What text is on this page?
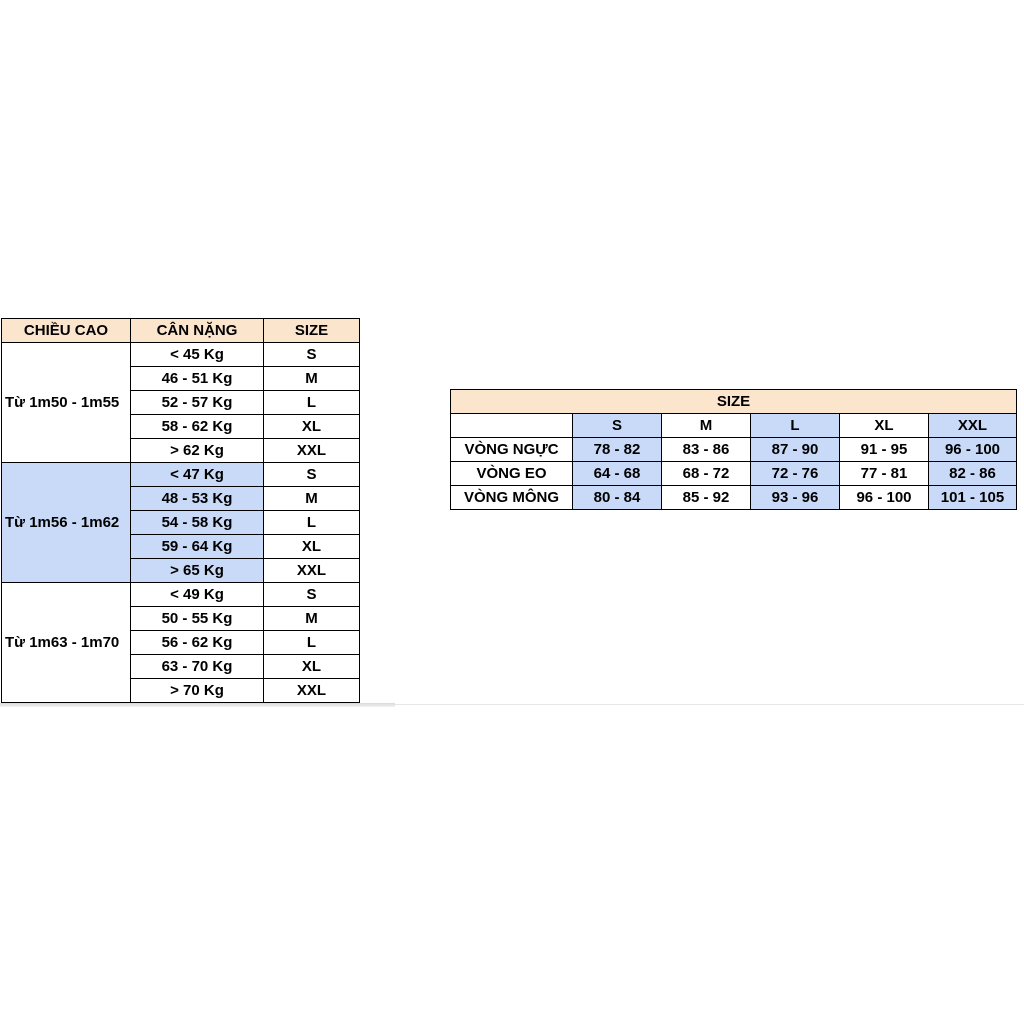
CHIỀU CAO	CÂN NẶNG	SIZE
Từ 1m50 - 1m55	< 45 Kg	S
	46 - 51 Kg	M
	52 - 57 Kg	L
	58 - 62 Kg	XL
	> 62 Kg	XXL
Từ 1m56 - 1m62	< 47 Kg	S
	48 - 53 Kg	M
	54 - 58 Kg	L
	59 - 64 Kg	XL
	> 65 Kg	XXL
Từ 1m63 - 1m70	< 49 Kg	S
	50 - 55 Kg	M
	56 - 62 Kg	L
	63 - 70 Kg	XL
	> 70 Kg	XXL
SIZE					
	S	M	L	XL	XXL
VÒNG NGỰC	78 - 82	83 - 86	87 - 90	91 - 95	96 - 100
VÒNG EO	64 - 68	68 - 72	72 - 76	77 - 81	82 - 86
VÒNG MÔNG	80 - 84	85 - 92	93 - 96	96 - 100	101 - 105
